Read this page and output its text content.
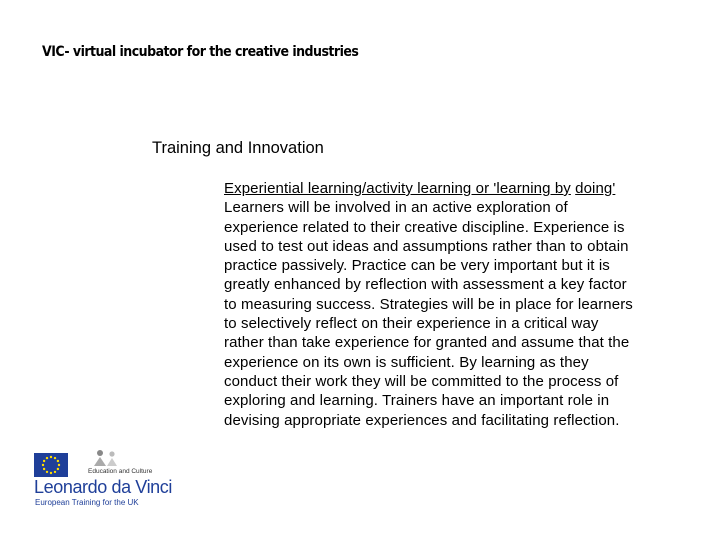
VIC- virtual incubator for the creative industries
Training and Innovation

Experiential learning/activity learning or 'learning by doing' Learners will be involved in an active exploration of experience related to their creative discipline. Experience is used to test out ideas and assumptions rather than to obtain practice passively. Practice can be very important but it is greatly enhanced by reflection with assessment a key factor to measuring success. Strategies will be in place for learners to selectively reflect on their experience in a critical way rather than take experience for granted and assume that the experience on its own is sufficient. By learning as they conduct their work they will be committed to the process of exploring and learning. Trainers have an important role in devising appropriate experiences and facilitating reflection.

Education and Culture
Leonardo da Vinci
European Training for the UK
